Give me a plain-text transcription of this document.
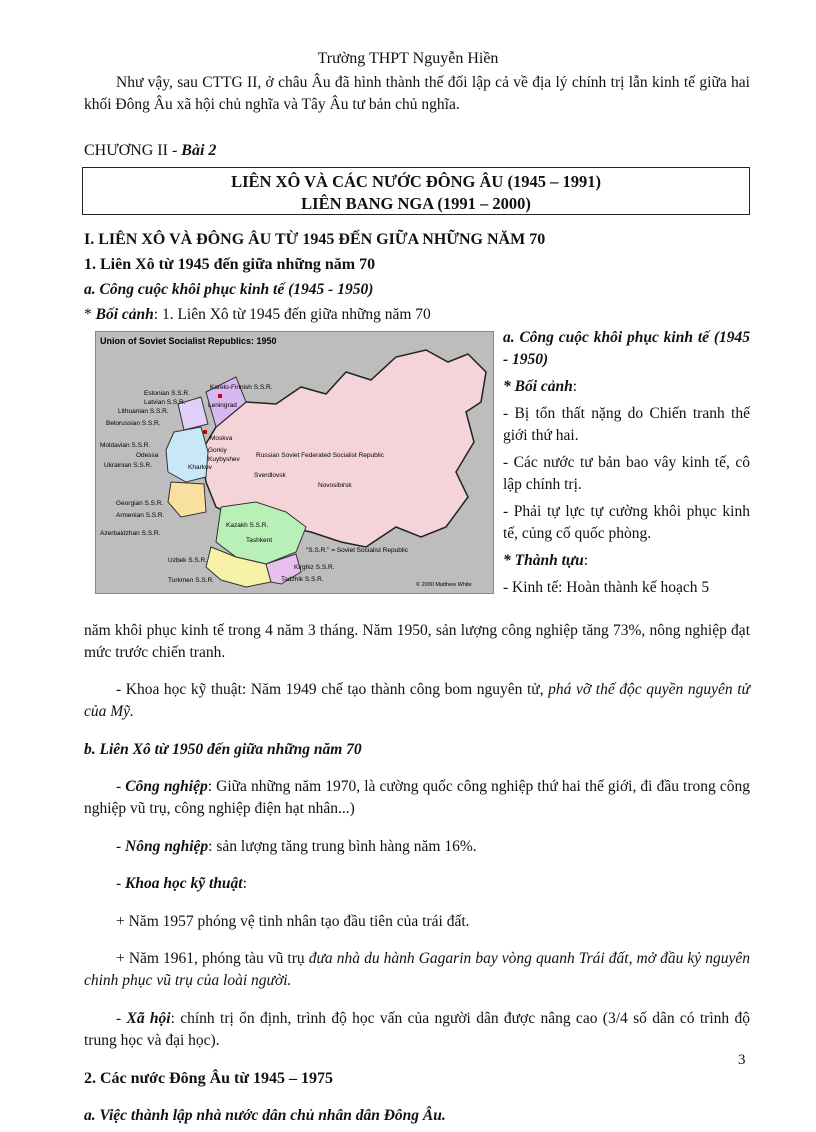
Trường THPT Nguyễn Hiền
Như vậy, sau CTTG II, ở châu Âu đã hình thành thế đối lập cả về địa lý chính trị lẫn kinh tế giữa hai khối Đông Âu xã hội chủ nghĩa và Tây Âu tư bản chủ nghĩa.
CHƯƠNG II - Bài 2
LIÊN XÔ VÀ CÁC NƯỚC ĐÔNG ÂU (1945 – 1991)
LIÊN BANG NGA (1991 – 2000)
I. LIÊN XÔ VÀ ĐÔNG ÂU TỪ 1945 ĐẾN GIỮA NHỮNG NĂM 70
1. Liên Xô từ 1945 đến giữa những năm 70
a. Công cuộc khôi phục kinh tế (1945 - 1950)
* Bối cảnh: 1. Liên Xô từ 1945 đến giữa những năm 70
Union of Soviet Socialist Republics: 1950
Estonian S.S.R.
Latvian S.S.R.
Lithuanian S.S.R.
Belorussian S.S.R.
Moldavian S.S.R.
Odessa
Ukrainian S.S.R.
Karelo-Finnish S.S.R.
Leningrad
Moskva
Gorkiy
Kuybyshev
Kharkov
Russian Soviet Federated Socialist Republic
Sverdlovsk
Novosibirsk
Georgian S.S.R.
Armenian S.S.R.
Azerbaidzhan S.S.R.
Kazakh S.S.R.
Tashkent
Uzbek S.S.R.
Turkmen S.S.R.
Kirghiz S.S.R.
Tadzhik S.S.R.
"S.S.R." = Soviet Socialist Republic
© 2000 Matthew White

a. Công cuộc khôi phục kinh tế (1945 - 1950)

* Bối cảnh:

- Bị tổn thất nặng do Chiến tranh thế giới thứ hai.

- Các nước tư bản bao vây kinh tế, cô lập chính trị.

- Phải tự lực tự cường khôi phục kinh tế, củng cố quốc phòng.

* Thành tựu:

- Kinh tế: Hoàn thành kế hoạch 5

năm khôi phục kinh tế trong 4 năm 3 tháng. Năm 1950, sản lượng công nghiệp tăng 73%, nông nghiệp đạt mức trước chiến tranh.

- Khoa học kỹ thuật: Năm 1949 chế tạo thành công bom nguyên tử, phá vỡ thế độc quyền nguyên tử của Mỹ.

b. Liên Xô từ 1950 đến giữa những năm 70

- Công nghiệp: Giữa những năm 1970, là cường quốc công nghiệp thứ hai thế giới, đi đầu trong công nghiệp vũ trụ, công nghiệp điện hạt nhân...)

- Nông nghiệp: sản lượng tăng trung bình hàng năm 16%.

- Khoa học kỹ thuật:

+ Năm 1957 phóng vệ tinh nhân tạo đầu tiên của trái đất.

+ Năm 1961, phóng tàu vũ trụ đưa nhà du hành Gagarin bay vòng quanh Trái đất, mở đầu kỷ nguyên chinh phục vũ trụ của loài người.

- Xã hội: chính trị ổn định, trình độ học vấn của người dân được nâng cao (3/4 số dân có trình độ trung học và đại học).

2. Các nước Đông Âu từ 1945 – 1975

a. Việc thành lập nhà nước dân chủ nhân dân Đông Âu.

3
